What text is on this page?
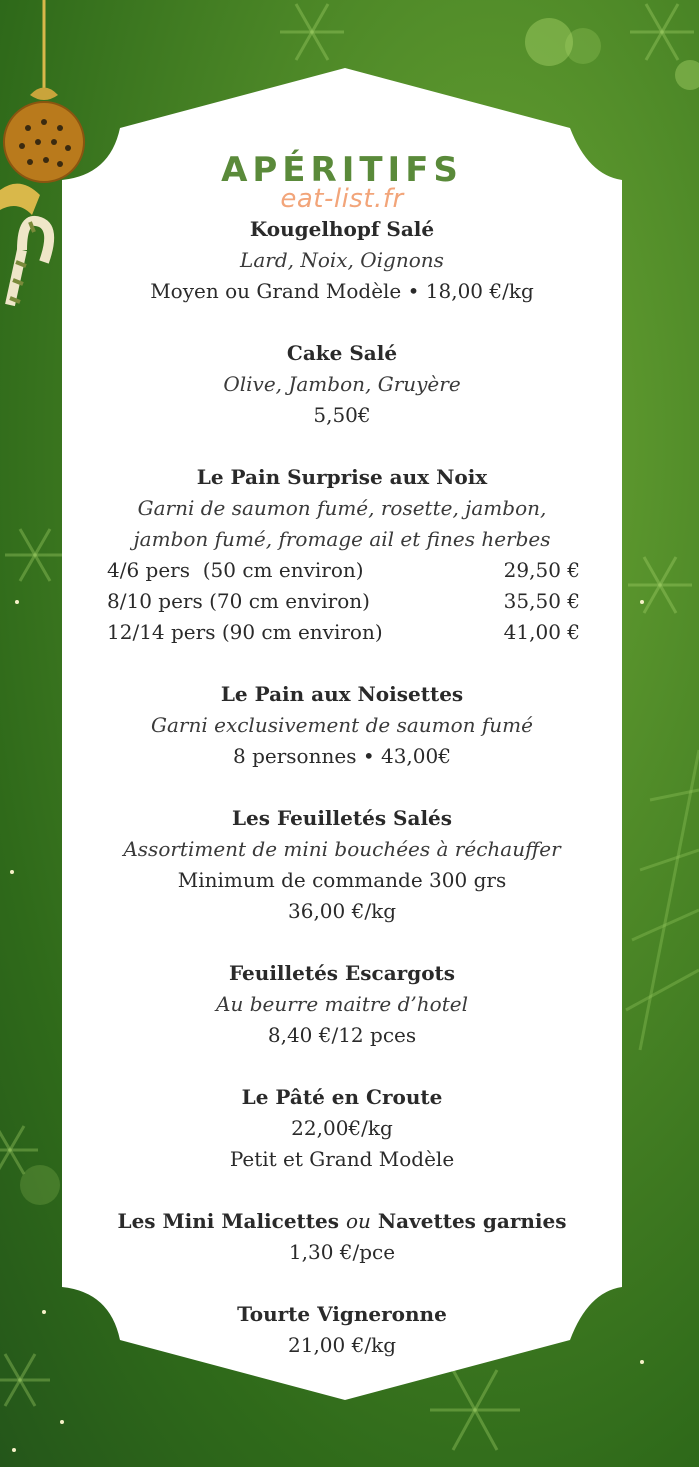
APÉRITIFS
eat-list.fr
Kougelhopf Salé
Lard, Noix, Oignons
Moyen ou Grand Modèle • 18,00 €/kg
Cake Salé
Olive, Jambon, Gruyère
5,50€
Le Pain Surprise aux Noix
Garni de saumon fumé, rosette, jambon,
jambon fumé, fromage ail et fines herbes
4/6 pers  (50 cm environ)	29,50 €
8/10 pers (70 cm environ)	35,50 €
12/14 pers (90 cm environ)	41,00 €
Le Pain aux Noisettes
Garni exclusivement de saumon fumé
8 personnes • 43,00€
Les Feuilletés Salés
Assortiment de mini bouchées à réchauffer
Minimum de commande 300 grs
36,00 €/kg
Feuilletés Escargots
Au beurre maitre d’hotel
8,40 €/12 pces
Le Pâté en Croute
22,00€/kg
Petit et Grand Modèle
Les Mini Malicettes ou Navettes garnies
1,30 €/pce
Tourte Vigneronne
21,00 €/kg
